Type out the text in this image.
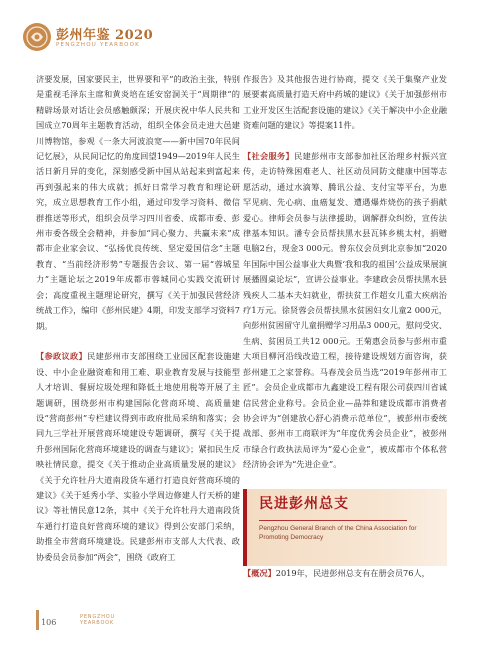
彭州年鉴 2020
PENGZHOU YEARBOOK

济要发展，国家要民主，世界要和平”的政治主张，特别是重视毛泽东主席和黄炎培在延安窑洞关于“周期律”的精辟场景对话让会员感触颇深；开展庆祝中华人民共和国成立70周年主题教育活动，组织全体会员走进大邑建川博物馆，参观《一条大河波浪宽——新中国70年民间记忆展》，从民间记忆的角度回望1949—2019年人民生活日新月异的变化，深刻感受新中国从站起来到富起来再到强起来的伟大成就；抓好日常学习教育和理论研究，成立思想教育工作小组，通过印发学习资料、微信群推送等形式，组织会员学习四川省委、成都市委、彭州市委各级全会精神，并参加“同心聚力、共赢未来”成都市企业家会议、“弘扬优良传统、坚定爱国信念”主题教育、“当前经济形势”专题报告会议、第一届“蓉城星力”主题论坛之2019年成都市蓉城同心实践交流研讨会；高度重视主题理论研究，撰写《关于加强民营经济统战工作》，编印《彭州民建》4期，印发支部学习资料7期。

【参政议政】民建彭州市支部围绕工业园区配套设施建设、中小企业融资难和用工难、职业教育发展与技能型人才培训、餐厨垃圾处理和降低土地使用税等开展了主题调研，围绕彭州市构建国际化营商环境、高质量建设“营商彭州”专栏建议得到市政府批局采纳和落实；会同九三学社开展营商环境建设专题调研，撰写《关于提升彭州国际化营商环境建设的调查与建议》；紧扣民生反映社情民意，提交《关于推动企业高质量发展的建议》《关于允许牡丹大道南段货车通行打造良好营商环境的建议》《关于延秀小学、实验小学周边修建人行天桥的建议》等社情民意12条，其中《关于允许牡丹大道南段货车通行打造良好营商环境的建议》得到公安部门采纳，助推全市营商环境建设。民建彭州市支部人大代表、政协委员会员参加“两会”，围绕《政府工

作报告》及其他报告进行协商，提交《关于集聚产业发展要素高质量打造天府中药城的建议》《关于加强彭州市工业开发区生活配套设施的建议》《关于解决中小企业融资难问题的建议》等提案11件。

【社会服务】民建彭州市支部参加社区治理乡村振兴宣传，走访特殊困难老人、社区动员同防文健康中国等志愿活动，通过水滴筹、腾讯公益、支付宝等平台，为患罕见病、先心病、血癌复发、遭遇爆炸烧伤的孩子捐献爱心。律师会员参与法律援助，调解群众纠纷，宣传法律基本知识。潘专会员帮扶黑水县瓦钵乡桃太村，捐赠电脑2台，现金3 000元。曾东仪会员到北京参加“2020年国际中国公益事业大典暨‘我和我的祖国’公益成果展演展播圆桌论坛”，宣讲公益事业。李建政会员帮扶黑水县残疾人二基本夫妇就业，帮扶贫工作超女儿重大疾病治疗1万元。徐贤蓉会员帮扶黑水贫困妇女儿童2 000元，向彭州贫困留守儿童捐赠学习用品3 000元，慰问受灾、生病、贫困员工共12 000元。王菊惠会员参与彭州市重大项目柳河沿线改造工程，接待建设规划方面咨询，获彭州建工之家誉称。马春茂会员当选“2019年彭州市工匠”。会员企业成都市九鑫建设工程有限公司获四川省诚信民营企业称号。会员企业—晶莽和建设成都市消费者协会评为“创建放心舒心消费示范单位”，被彭州市委统战部、彭州市工商联评为“年度优秀会员企业”，被彭州市绿合行政执法局评为“爱心企业”，被成都市个体私营经济协会评为“先进企业”。

民进彭州总支
Pengzhou General Branch of the China Association for Promoting Democracy

【概况】2019年，民进彭州总支有在册会员76人，

106
PENGZHOU
YEARBOOK
